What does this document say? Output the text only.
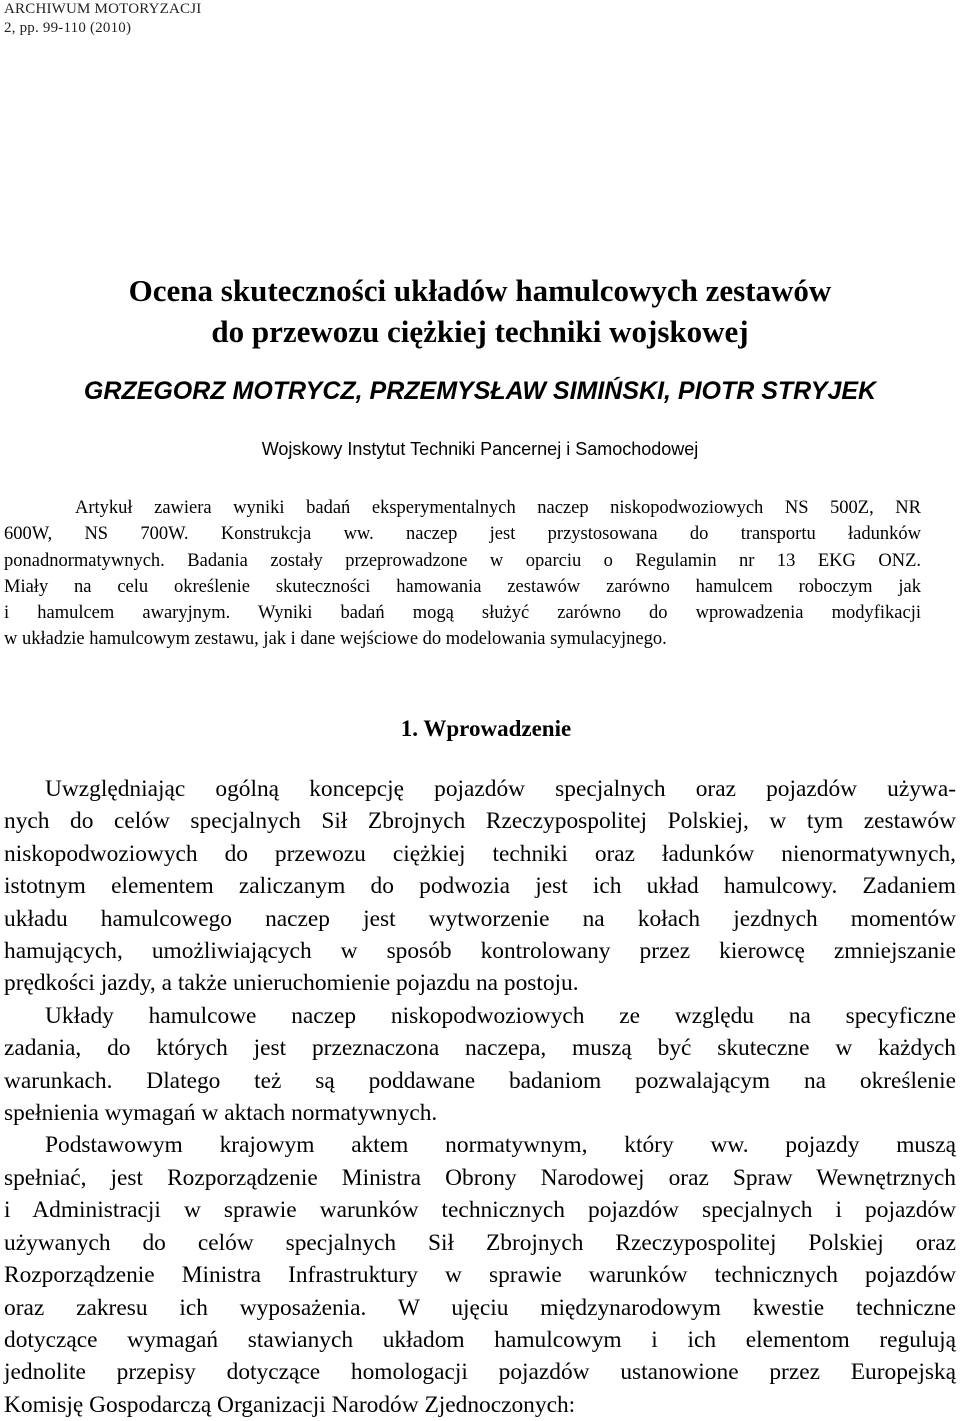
ARCHIWUM MOTORYZACJI
2, pp. 99-110 (2010)
Ocena skuteczności układów hamulcowych zestawów
do przewozu ciężkiej techniki wojskowej
GRZEGORZ MOTRYCZ, PRZEMYSŁAW SIMIŃSKI, PIOTR STRYJEK
Wojskowy Instytut Techniki Pancernej i Samochodowej
Artykuł zawiera wyniki badań eksperymentalnych naczep niskopodwoziowych NS 500Z, NR
600W, NS 700W. Konstrukcja ww. naczep jest przystosowana do transportu ładunków
ponadnormatywnych. Badania zostały przeprowadzone w oparciu o Regulamin nr 13 EKG ONZ.
Miały na celu określenie skuteczności hamowania zestawów zarówno hamulcem roboczym jak
i hamulcem awaryjnym. Wyniki badań mogą służyć zarówno do wprowadzenia modyfikacji
w układzie hamulcowym zestawu, jak i dane wejściowe do modelowania symulacyjnego.
1. Wprowadzenie
Uwzględniając ogólną koncepcję pojazdów specjalnych oraz pojazdów używa-
nych do celów specjalnych Sił Zbrojnych Rzeczypospolitej Polskiej, w tym zestawów
niskopodwoziowych do przewozu ciężkiej techniki oraz ładunków nienormatywnych,
istotnym elementem zaliczanym do podwozia jest ich układ hamulcowy. Zadaniem
układu hamulcowego naczep jest wytworzenie na kołach jezdnych momentów
hamujących, umożliwiających w sposób kontrolowany przez kierowcę zmniejszanie
prędkości jazdy, a także unieruchomienie pojazdu na postoju.
Układy hamulcowe naczep niskopodwoziowych ze względu na specyficzne
zadania, do których jest przeznaczona naczepa, muszą być skuteczne w każdych
warunkach. Dlatego też są poddawane badaniom pozwalającym na określenie
spełnienia wymagań w aktach normatywnych.
Podstawowym krajowym aktem normatywnym, który ww. pojazdy muszą
spełniać, jest Rozporządzenie Ministra Obrony Narodowej oraz Spraw Wewnętrznych
i Administracji w sprawie warunków technicznych pojazdów specjalnych i pojazdów
używanych do celów specjalnych Sił Zbrojnych Rzeczypospolitej Polskiej oraz
Rozporządzenie Ministra Infrastruktury w sprawie warunków technicznych pojazdów
oraz zakresu ich wyposażenia. W ujęciu międzynarodowym kwestie techniczne
dotyczące wymagań stawianych układom hamulcowym i ich elementom regulują
jednolite przepisy dotyczące homologacji pojazdów ustanowione przez Europejską
Komisję Gospodarczą Organizacji Narodów Zjednoczonych:
